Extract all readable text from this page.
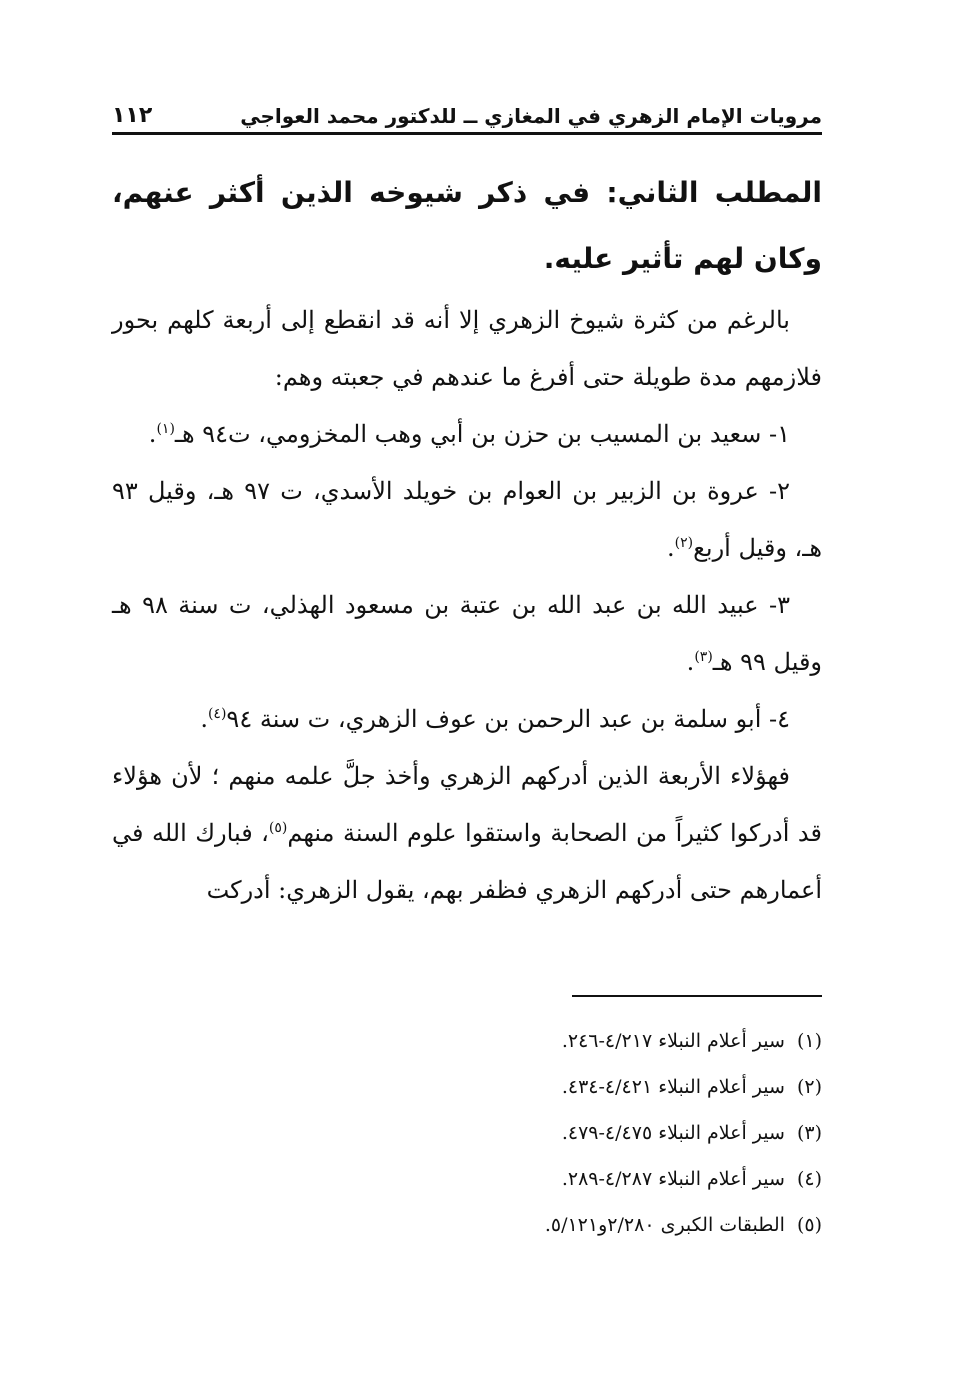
مرويات الإمام الزهري في المغازي ــ للدكتور محمد العواجي
١١٢
المطلب الثاني: في ذكر شيوخه الذين أكثر عنهم، وكان لهم تأثير عليه.

بالرغم من كثرة شيوخ الزهري إلا أنه قد انقطع إلى أربعة كلهم بحور فلازمهم مدة طويلة حتى أفرغ ما عندهم في جعبته وهم:

١- سعيد بن المسيب بن حزن بن أبي وهب المخزومي، ت٩٤ هـ$^{(١)}$.

٢- عروة بن الزبير بن العوام بن خويلد الأسدي، ت ٩٧ هـ، وقيل ٩٣ هـ، وقيل أربع$^{(٢)}$.

٣- عبيد الله بن عبد الله بن عتبة بن مسعود الهذلي، ت سنة ٩٨ هـ وقيل ٩٩ هـ$^{(٣)}$.

٤- أبو سلمة بن عبد الرحمن بن عوف الزهري، ت سنة ٩٤$^{(٤)}$.

فهؤلاء الأربعة الذين أدركهم الزهري وأخذ جلَّ علمه منهم ؛ لأن هؤلاء قد أدركوا كثيراً من الصحابة واستقوا علوم السنة منهم$^{(٥)}$، فبارك الله في أعمارهم حتى أدركهم الزهري فظفر بهم، يقول الزهري: أدركت

(١)سير أعلام النبلاء ٤/٢١٧-٢٤٦.

(٢)سير أعلام النبلاء ٤/٤٢١-٤٣٤.

(٣)سير أعلام النبلاء ٤/٤٧٥-٤٧٩.

(٤)سير أعلام النبلاء ٤/٢٨٧-٢٨٩.

(٥)الطبقات الكبرى ٢/٢٨٠و٥/١٢١.
